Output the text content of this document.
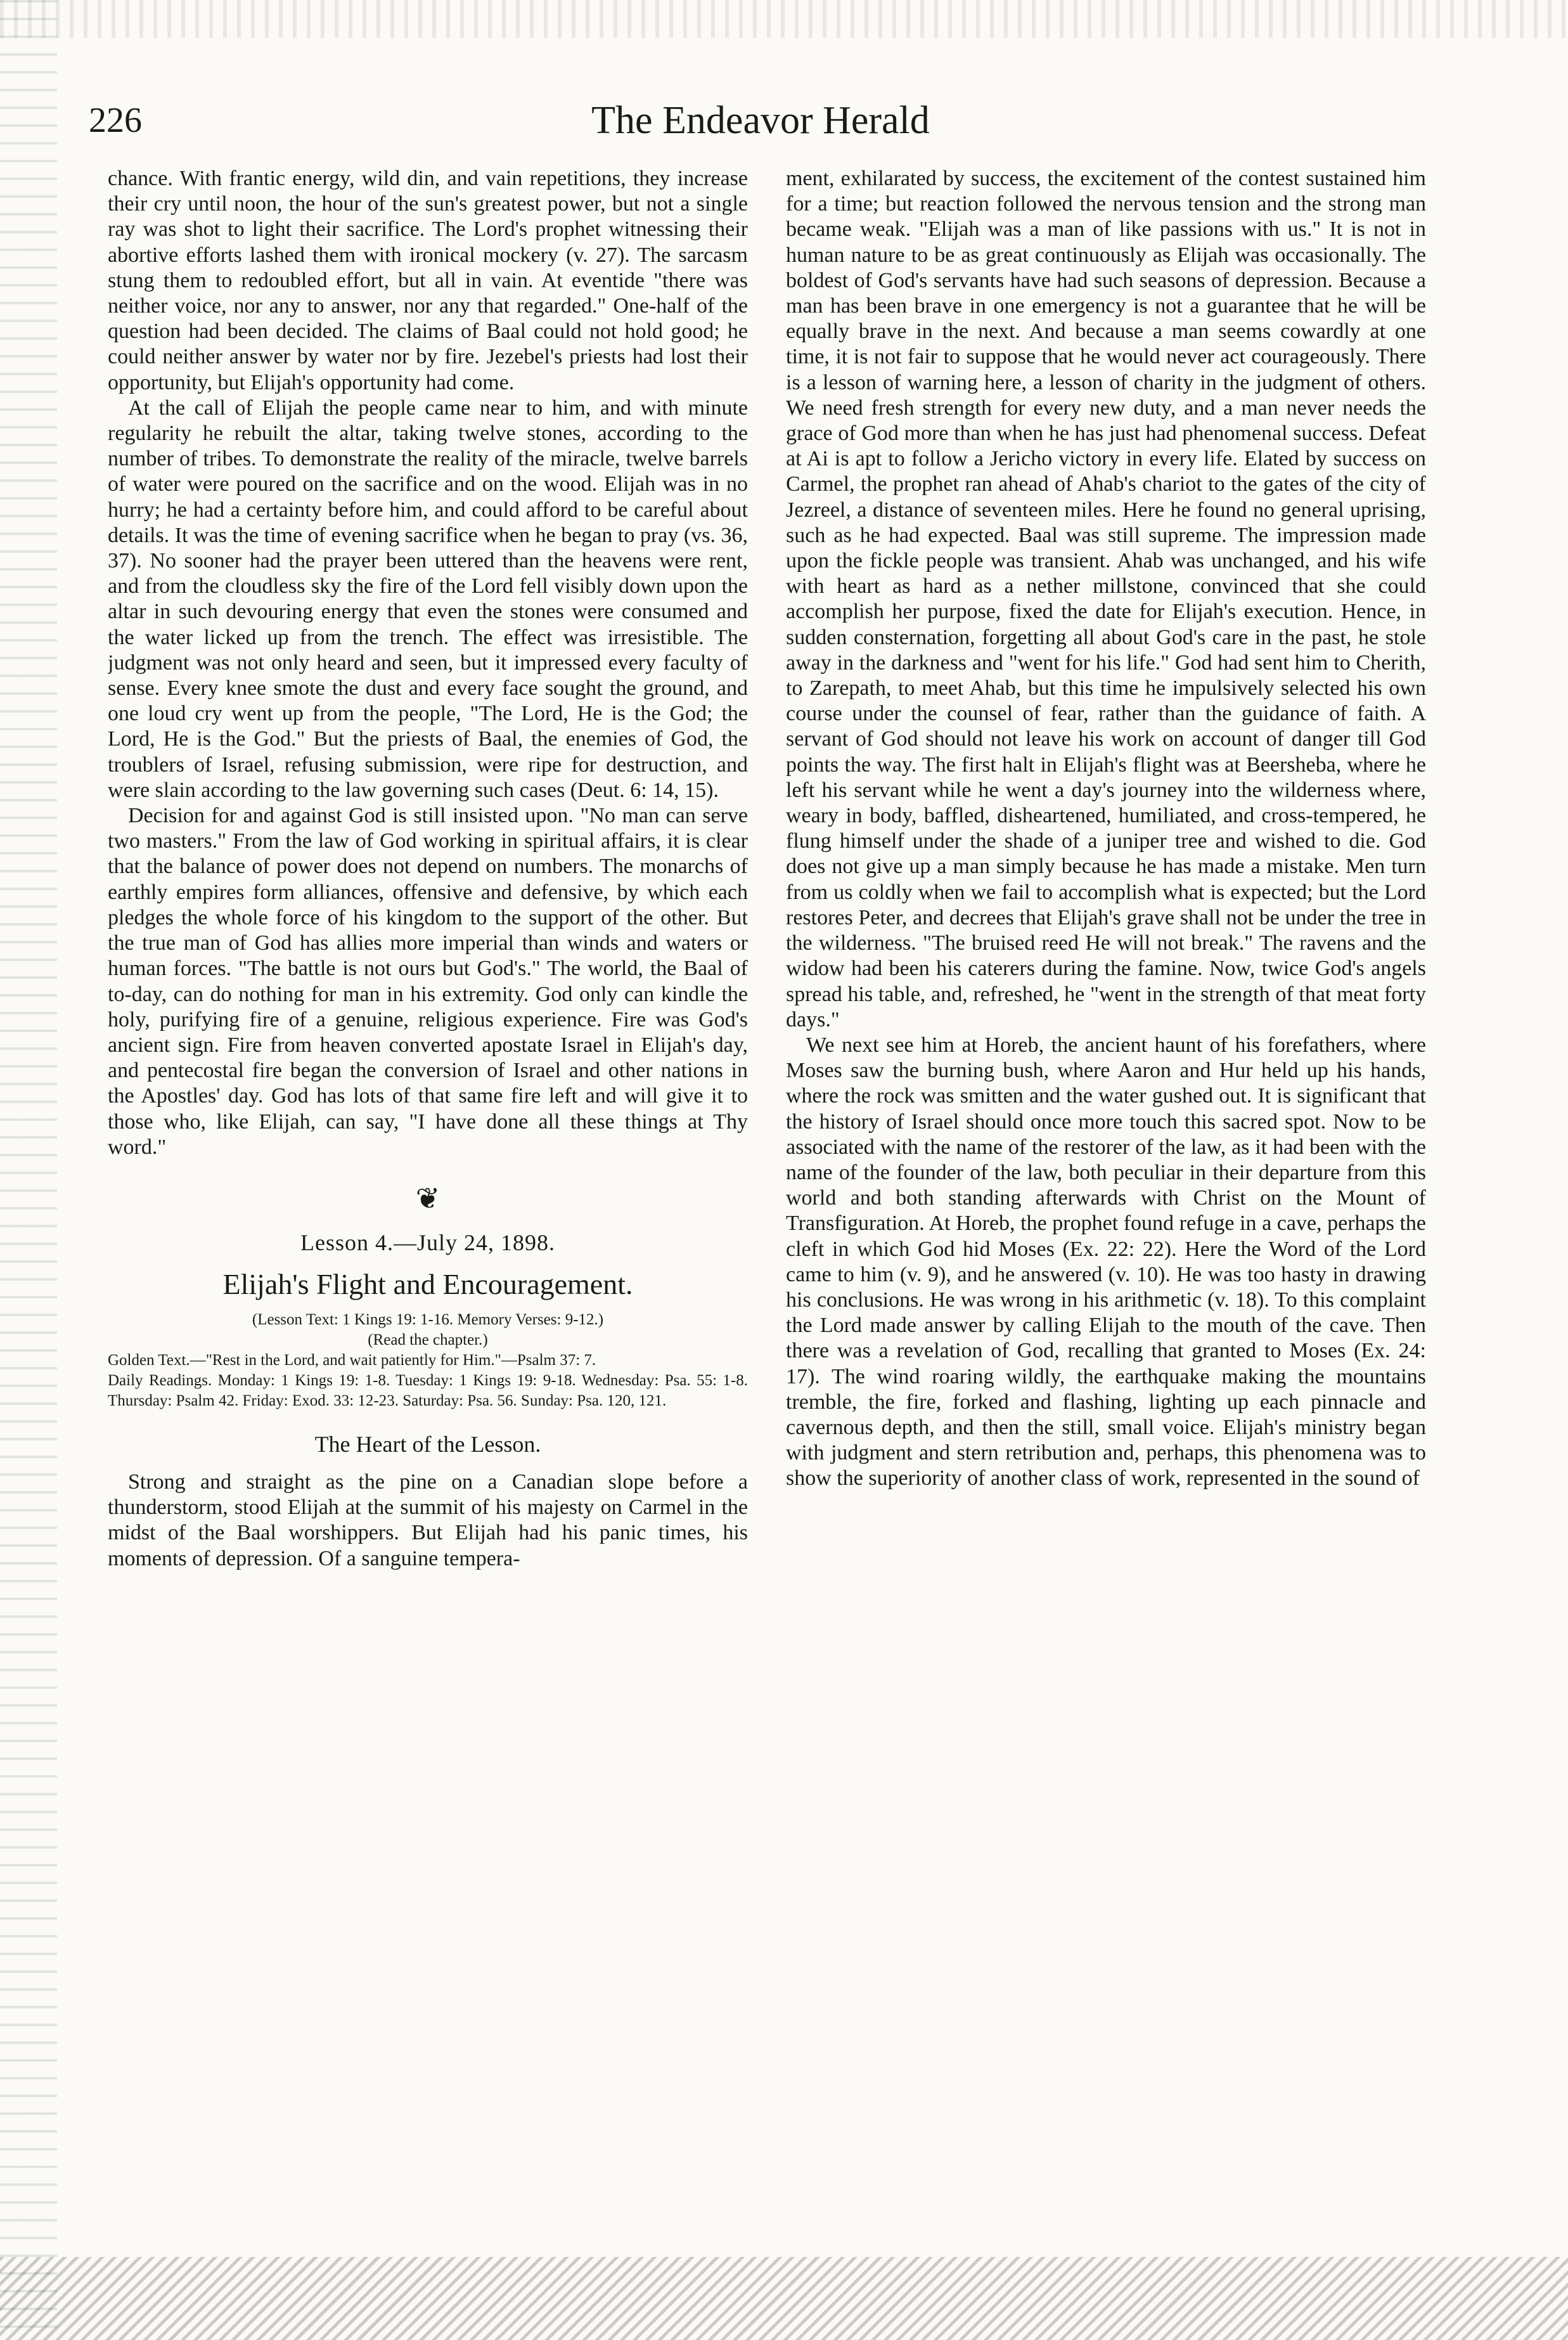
226	The Endeavor Herald

chance. With frantic energy, wild din, and vain repetitions, they increase their cry until noon, the hour of the sun's greatest power, but not a single ray was shot to light their sacrifice. The Lord's prophet witnessing their abortive efforts lashed them with ironical mockery (v. 27). The sarcasm stung them to redoubled effort, but all in vain. At eventide "there was neither voice, nor any to answer, nor any that regarded." One-half of the question had been decided. The claims of Baal could not hold good; he could neither answer by water nor by fire. Jezebel's priests had lost their opportunity, but Elijah's opportunity had come.

At the call of Elijah the people came near to him, and with minute regularity he rebuilt the altar, taking twelve stones, according to the number of tribes. To demonstrate the reality of the miracle, twelve barrels of water were poured on the sacrifice and on the wood. Elijah was in no hurry; he had a certainty before him, and could afford to be careful about details. It was the time of evening sacrifice when he began to pray (vs. 36, 37). No sooner had the prayer been uttered than the heavens were rent, and from the cloudless sky the fire of the Lord fell visibly down upon the altar in such devouring energy that even the stones were consumed and the water licked up from the trench. The effect was irresistible. The judgment was not only heard and seen, but it impressed every faculty of sense. Every knee smote the dust and every face sought the ground, and one loud cry went up from the people, "The Lord, He is the God; the Lord, He is the God." But the priests of Baal, the enemies of God, the troublers of Israel, refusing submission, were ripe for destruction, and were slain according to the law governing such cases (Deut. 6: 14, 15).

Decision for and against God is still insisted upon. "No man can serve two masters." From the law of God working in spiritual affairs, it is clear that the balance of power does not depend on numbers. The monarchs of earthly empires form alliances, offensive and defensive, by which each pledges the whole force of his kingdom to the support of the other. But the true man of God has allies more imperial than winds and waters or human forces. "The battle is not ours but God's." The world, the Baal of to-day, can do nothing for man in his extremity. God only can kindle the holy, purifying fire of a genuine, religious experience. Fire was God's ancient sign. Fire from heaven converted apostate Israel in Elijah's day, and pentecostal fire began the conversion of Israel and other nations in the Apostles' day. God has lots of that same fire left and will give it to those who, like Elijah, can say, "I have done all these things at Thy word."

❦
Lesson 4.—July 24, 1898.
Elijah's Flight and Encouragement.

(Lesson Text: 1 Kings 19: 1-16. Memory Verses: 9-12.)

(Read the chapter.)

Golden Text.—"Rest in the Lord, and wait patiently for Him."—Psalm 37: 7.

Daily Readings. Monday: 1 Kings 19: 1-8. Tuesday: 1 Kings 19: 9-18. Wednesday: Psa. 55: 1-8. Thursday: Psalm 42. Friday: Exod. 33: 12-23. Saturday: Psa. 56. Sunday: Psa. 120, 121.

The Heart of the Lesson.

Strong and straight as the pine on a Canadian slope before a thunderstorm, stood Elijah at the summit of his majesty on Carmel in the midst of the Baal worshippers. But Elijah had his panic times, his moments of depression. Of a sanguine tempera-

ment, exhilarated by success, the excitement of the contest sustained him for a time; but reaction followed the nervous tension and the strong man became weak. "Elijah was a man of like passions with us." It is not in human nature to be as great continuously as Elijah was occasionally. The boldest of God's servants have had such seasons of depression. Because a man has been brave in one emergency is not a guarantee that he will be equally brave in the next. And because a man seems cowardly at one time, it is not fair to suppose that he would never act courageously. There is a lesson of warning here, a lesson of charity in the judgment of others. We need fresh strength for every new duty, and a man never needs the grace of God more than when he has just had phenomenal success. Defeat at Ai is apt to follow a Jericho victory in every life. Elated by success on Carmel, the prophet ran ahead of Ahab's chariot to the gates of the city of Jezreel, a distance of seventeen miles. Here he found no general uprising, such as he had expected. Baal was still supreme. The impression made upon the fickle people was transient. Ahab was unchanged, and his wife with heart as hard as a nether millstone, convinced that she could accomplish her purpose, fixed the date for Elijah's execution. Hence, in sudden consternation, forgetting all about God's care in the past, he stole away in the darkness and "went for his life." God had sent him to Cherith, to Zarepath, to meet Ahab, but this time he impulsively selected his own course under the counsel of fear, rather than the guidance of faith. A servant of God should not leave his work on account of danger till God points the way. The first halt in Elijah's flight was at Beersheba, where he left his servant while he went a day's journey into the wilderness where, weary in body, baffled, disheartened, humiliated, and cross-tempered, he flung himself under the shade of a juniper tree and wished to die. God does not give up a man simply because he has made a mistake. Men turn from us coldly when we fail to accomplish what is expected; but the Lord restores Peter, and decrees that Elijah's grave shall not be under the tree in the wilderness. "The bruised reed He will not break." The ravens and the widow had been his caterers during the famine. Now, twice God's angels spread his table, and, refreshed, he "went in the strength of that meat forty days."

We next see him at Horeb, the ancient haunt of his forefathers, where Moses saw the burning bush, where Aaron and Hur held up his hands, where the rock was smitten and the water gushed out. It is significant that the history of Israel should once more touch this sacred spot. Now to be associated with the name of the restorer of the law, as it had been with the name of the founder of the law, both peculiar in their departure from this world and both standing afterwards with Christ on the Mount of Transfiguration. At Horeb, the prophet found refuge in a cave, perhaps the cleft in which God hid Moses (Ex. 22: 22). Here the Word of the Lord came to him (v. 9), and he answered (v. 10). He was too hasty in drawing his conclusions. He was wrong in his arithmetic (v. 18). To this complaint the Lord made answer by calling Elijah to the mouth of the cave. Then there was a revelation of God, recalling that granted to Moses (Ex. 24: 17). The wind roaring wildly, the earthquake making the mountains tremble, the fire, forked and flashing, lighting up each pinnacle and cavernous depth, and then the still, small voice. Elijah's ministry began with judgment and stern retribution and, perhaps, this phenomena was to show the superiority of another class of work, represented in the sound of
